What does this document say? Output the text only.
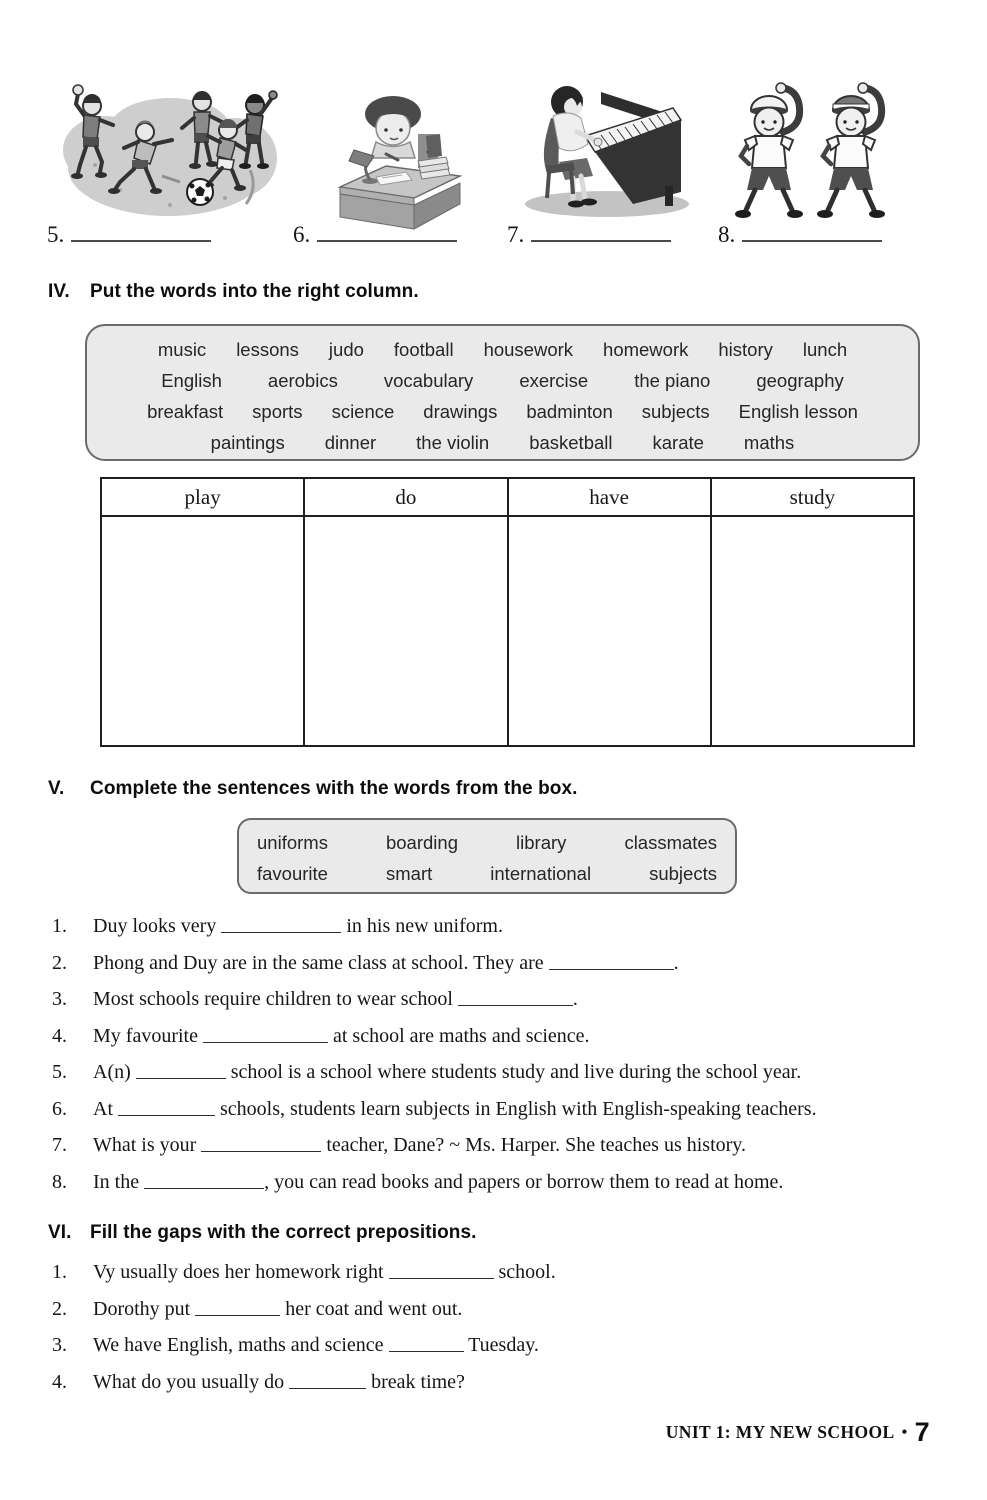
5.	6.	7.	8.
IV. Put the words into the right column.
music lessons judo football housework homework history lunch
English aerobics vocabulary exercise the piano geography
breakfast sports science drawings badminton subjects English lesson
paintings dinner the violin basketball karate maths
play	do	have	study

V. Complete the sentences with the words from the box.
uniforms	boarding	library	classmates
favourite	smart	international	subjects
1. Duy looks very	in his new uniform.
2. Phong and Duy are in the same class at school. They are	.
3. Most schools require children to wear school	.
4. My favourite	at school are maths and science.
5. A(n)	school is a school where students study and live during the school year.
6. At	schools, students learn subjects in English with English-speaking teachers.
7. What is your	teacher, Dane? ~ Ms. Harper. She teaches us history.
8. In the	, you can read books and papers or borrow them to read at home.
VI. Fill the gaps with the correct prepositions.
1. Vy usually does her homework right	school.
2. Dorothy put	her coat and went out.
3. We have English, maths and science	Tuesday.
4. What do you usually do	break time?
UNIT 1: MY NEW SCHOOL • 7
